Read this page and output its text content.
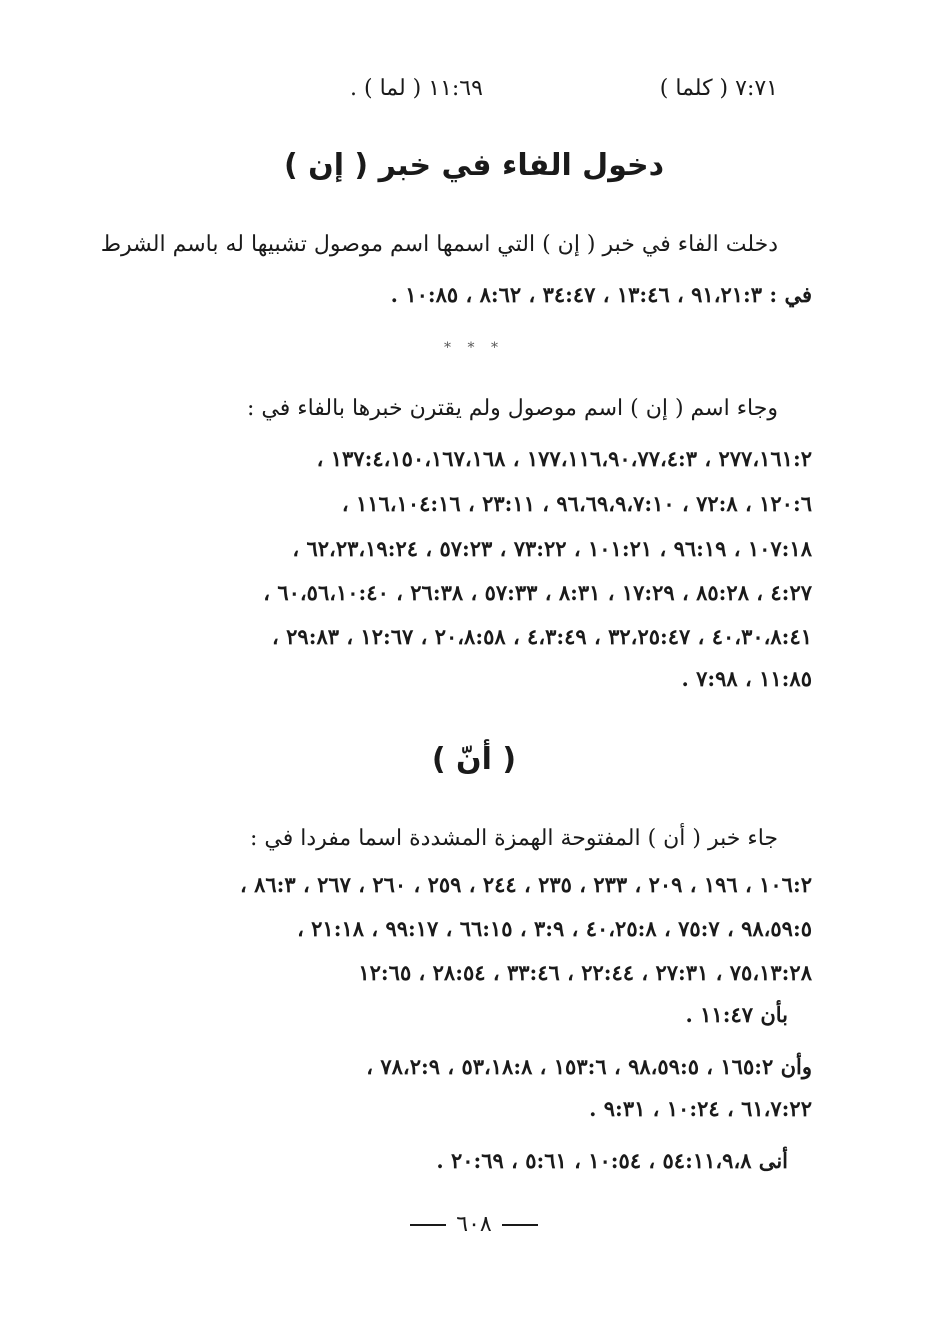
٧:٧١ ( كلما )
١١:٦٩ ( لما ) .
دخول الفاء في خبر ( إن )
دخلت الفاء في خبر ( إن ) التي اسمها اسم موصول تشبيها له باسم الشرط
في : ٩١،٢١:٣ ، ١٣:٤٦ ، ٣٤:٤٧ ، ٨:٦٢ ، ١٠:٨٥ .
* * *
وجاء اسم ( إن ) اسم موصول ولم يقترن خبرها بالفاء في :
٢٧٧،١٦١:٢ ، ١٧٧،١١٦،٩٠،٧٧،٤:٣ ، ١٣٧:٤،١٥٠،١٦٧،١٦٨ ،
١٢٠:٦ ، ٧٢:٨ ، ٩٦،٦٩،٩،٧:١٠ ، ٢٣:١١ ، ١١٦،١٠٤:١٦ ،
١٠٧:١٨ ، ٩٦:١٩ ، ١٠١:٢١ ، ٧٣:٢٢ ، ٥٧:٢٣ ، ٦٢،٢٣،١٩:٢٤ ،
٤:٢٧ ، ٨٥:٢٨ ، ١٧:٢٩ ، ٨:٣١ ، ٥٧:٣٣ ، ٢٦:٣٨ ، ٦٠،٥٦،١٠:٤٠ ،
٤٠،٣٠،٨:٤١ ، ٣٢،٢٥:٤٧ ، ٤،٣:٤٩ ، ٢٠،٨:٥٨ ، ١٢:٦٧ ، ٢٩:٨٣ ،
١١:٨٥ ، ٧:٩٨ .
( أنّ )
جاء خبر ( أن ) المفتوحة الهمزة المشددة اسما مفردا في :
١٠٦:٢ ، ١٩٦ ، ٢٠٩ ، ٢٣٣ ، ٢٣٥ ، ٢٤٤ ، ٢٥٩ ، ٢٦٠ ، ٢٦٧ ، ٨٦:٣ ،
٩٨،٥٩:٥ ، ٧٥:٧ ، ٤٠،٢٥:٨ ، ٣:٩ ، ٦٦:١٥ ، ٩٩:١٧ ، ٢١:١٨ ،
٧٥،١٣:٢٨ ، ٢٧:٣١ ، ٢٢:٤٤ ، ٣٣:٤٦ ، ٢٨:٥٤ ، ١٢:٦٥
بأن ١١:٤٧ .
وأن ١٦٥:٢ ، ٩٨،٥٩:٥ ، ١٥٣:٦ ، ٥٣،١٨:٨ ، ٧٨،٢:٩ ،
٦١،٧:٢٢ ، ١٠:٢٤ ، ٩:٣١ .
أنى ٥٤:١١،٩،٨ ، ١٠:٥٤ ، ٥:٦١ ، ٢٠:٦٩ .
٦٠٨
